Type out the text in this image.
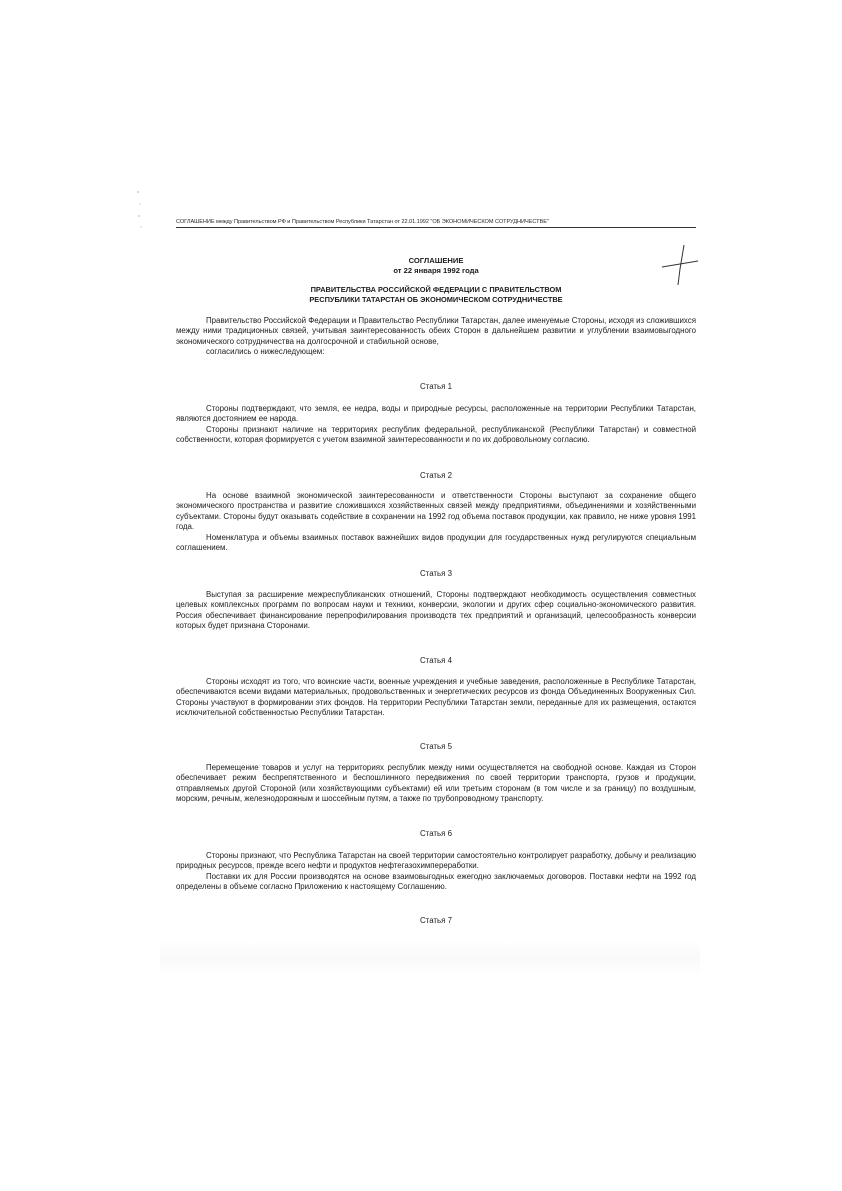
СОГЛАШЕНИЕ между Правительством РФ и Правительством Республики Татарстан от 22.01.1992 "ОБ ЭКОНОМИЧЕСКОМ СОТРУДНИЧЕСТВЕ"
СОГЛАШЕНИЕ
от 22 января 1992 года
ПРАВИТЕЛЬСТВА РОССИЙСКОЙ ФЕДЕРАЦИИ С ПРАВИТЕЛЬСТВОМ
РЕСПУБЛИКИ ТАТАРСТАН ОБ ЭКОНОМИЧЕСКОМ СОТРУДНИЧЕСТВЕ

Правительство Российской Федерации и Правительство Республики Татарстан, далее именуемые Стороны, исходя из сложившихся между ними традиционных связей, учитывая заинтересованность обеих Сторон в дальнейшем развитии и углублении взаимовыгодного экономического сотрудничества на долгосрочной и стабильной основе,

согласились о нижеследующем:

Статья 1

Стороны подтверждают, что земля, ее недра, воды и природные ресурсы, расположенные на территории Республики Татарстан, являются достоянием ее народа.

Стороны признают наличие на территориях республик федеральной, республиканской (Республики Татарстан) и совместной собственности, которая формируется с учетом взаимной заинтересованности и по их добровольному согласию.

Статья 2

На основе взаимной экономической заинтересованности и ответственности Стороны выступают за сохранение общего экономического пространства и развитие сложившихся хозяйственных связей между предприятиями, объединениями и хозяйственными субъектами. Стороны будут оказывать содействие в сохранении на 1992 год объема поставок продукции, как правило, не ниже уровня 1991 года.

Номенклатура и объемы взаимных поставок важнейших видов продукции для государственных нужд регулируются специальным соглашением.

Статья 3

Выступая за расширение межреспубликанских отношений, Стороны подтверждают необходимость осуществления совместных целевых комплексных программ по вопросам науки и техники, конверсии, экологии и других сфер социально-экономического развития. Россия обеспечивает финансирование перепрофилирования производств тех предприятий и организаций, целесообразность конверсии которых будет признана Сторонами.

Статья 4

Стороны исходят из того, что воинские части, военные учреждения и учебные заведения, расположенные в Республике Татарстан, обеспечиваются всеми видами материальных, продовольственных и энергетических ресурсов из фонда Объединенных Вооруженных Сил. Стороны участвуют в формировании этих фондов. На территории Республики Татарстан земли, переданные для их размещения, остаются исключительной собственностью Республики Татарстан.

Статья 5

Перемещение товаров и услуг на территориях республик между ними осуществляется на свободной основе. Каждая из Сторон обеспечивает режим беспрепятственного и беспошлинного передвижения по своей территории транспорта, грузов и продукции, отправляемых другой Стороной (или хозяйствующими субъектами) ей или третьим сторонам (в том числе и за границу) по воздушным, морским, речным, железнодорожным и шоссейным путям, а также по трубопроводному транспорту.

Статья 6

Стороны признают, что Республика Татарстан на своей территории самостоятельно контролирует разработку, добычу и реализацию природных ресурсов, прежде всего нефти и продуктов нефтегазохимпереработки.

Поставки их для России производятся на основе взаимовыгодных ежегодно заключаемых договоров. Поставки нефти на 1992 год определены в объеме согласно Приложению к настоящему Соглашению.

Статья 7
